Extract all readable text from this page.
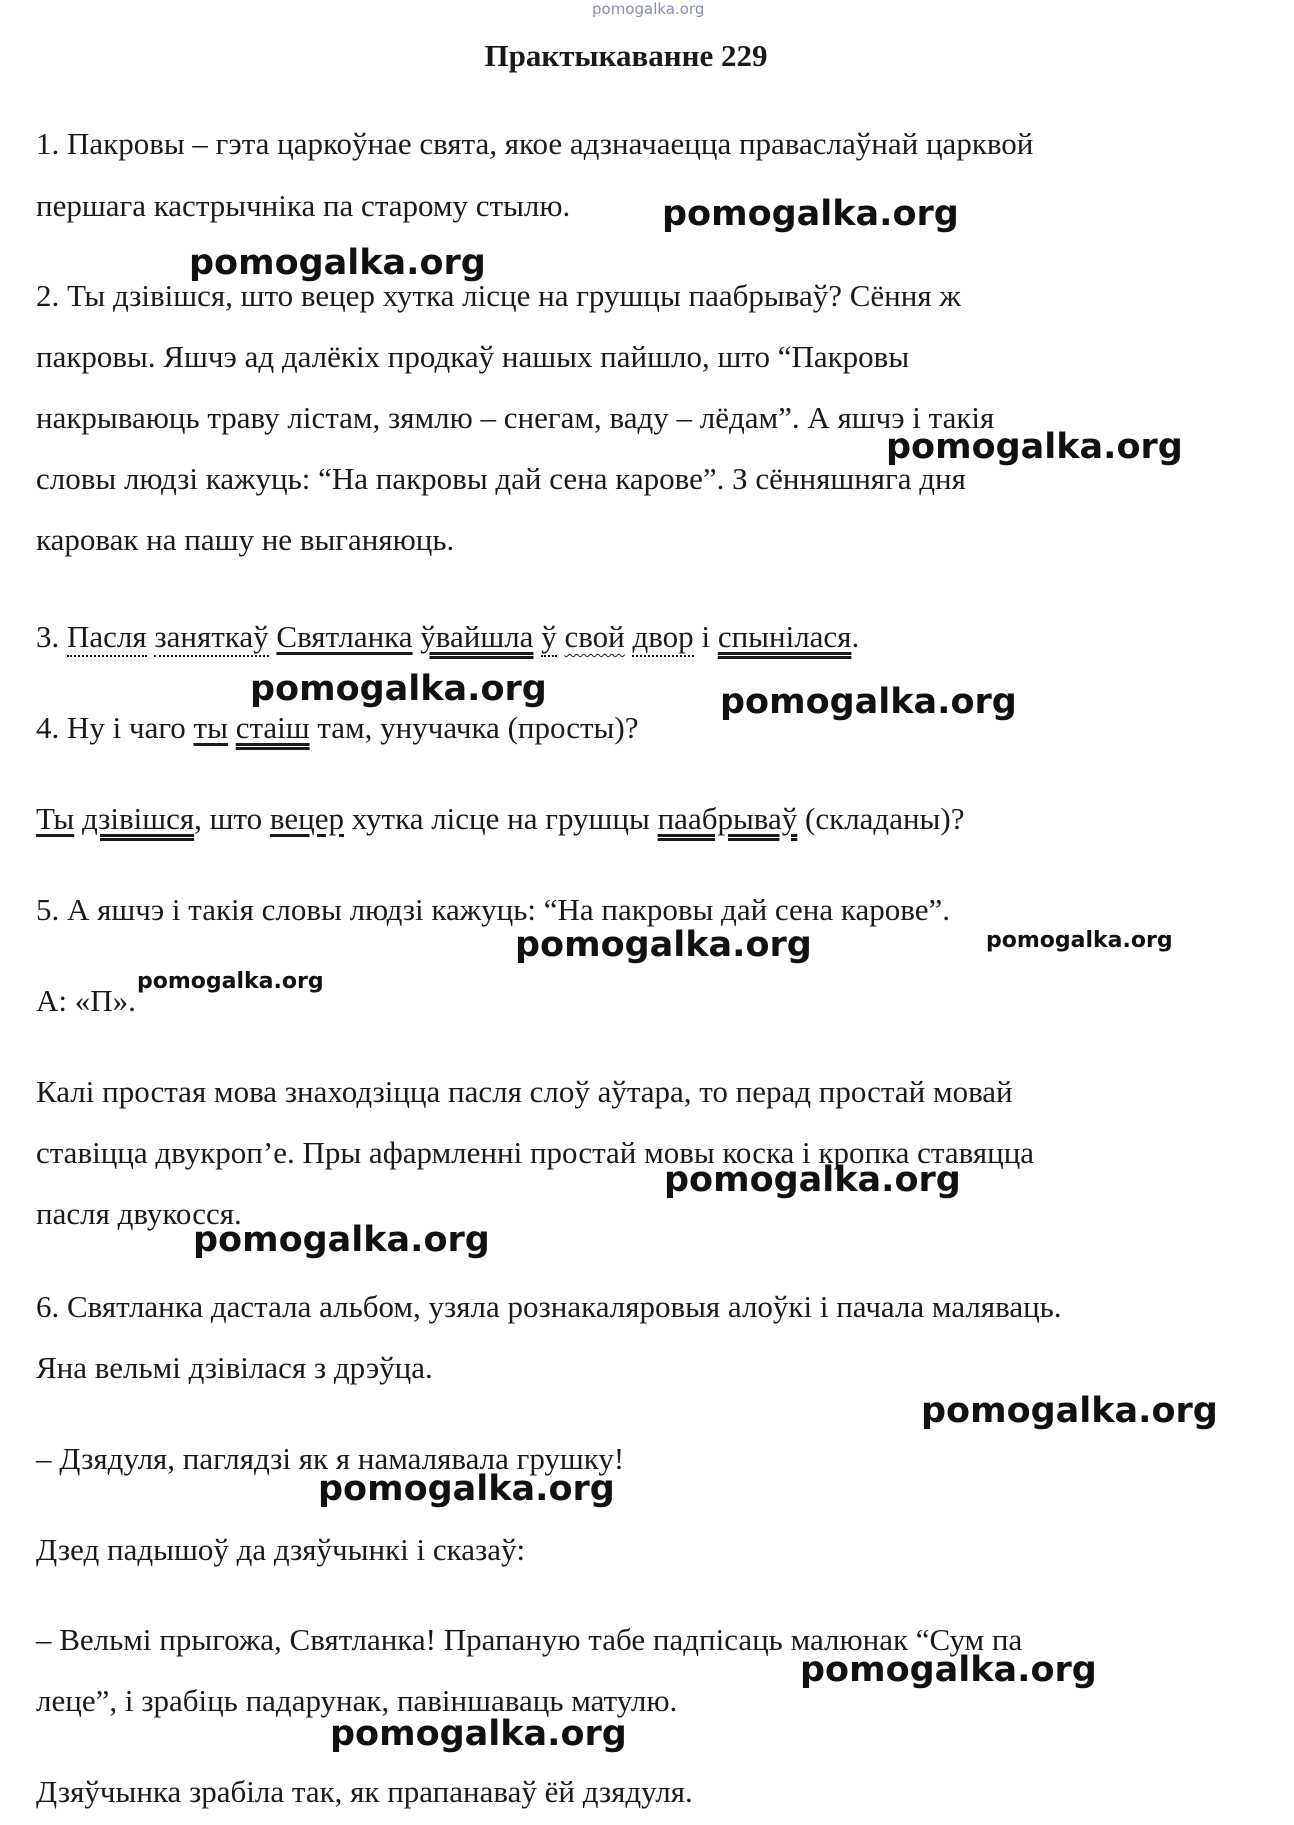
pomogalka.org
Практыкаванне 229
1. Пакровы – гэта царкоўнае свята, якое адзначаецца праваслаўнай царквой
першага кастрычніка па старому стылю.	pomogalka.org
pomogalka.org
2. Ты дзівішся, што вецер хутка лісце на грушцы паабрываў? Сёння ж
пакровы. Яшчэ ад далёкіх продкаў нашых пайшло, што “Пакровы
накрываюць траву лістам, зямлю – снегам, ваду – лёдам”. А яшчэ і такія
pomogalka.org
словы людзі кажуць: “На пакровы дай сена карове”. З сённяшняга дня
каровак на пашу не выганяюць.
3. Пасля заняткаў Святланка ўвайшла ў свой двор і спынілася.
pomogalka.org	pomogalka.org
4. Ну і чаго ты стаіш там, унучачка (просты)?
Ты дзівішся, што вецер хутка лісце на грушцы паабрываў (складаны)?
5. А яшчэ і такія словы людзі кажуць: “На пакровы дай сена карове”.
pomogalka.org	pomogalka.org
А: «П».
pomogalka.org
Калі простая мова знаходзіцца пасля слоў аўтара, то перад простай мовай
ставіцца двукроп’е. Пры афармленні простай мовы коска і кропка ставяцца
pomogalka.org
пасля двукосся.
pomogalka.org
6. Святланка дастала альбом, узяла рознакаляровыя алоўкі і пачала маляваць.
Яна вельмі дзівілася з дрэўца.
pomogalka.org
– Дзядуля, паглядзі як я намалявала грушку!
pomogalka.org
Дзед падышоў да дзяўчынкі і сказаў:
– Вельмі прыгожа, Святланка! Прапаную табе падпісаць малюнак “Сум па
pomogalka.org
леце”, і зрабіць падарунак, павіншаваць матулю.
pomogalka.org
Дзяўчынка зрабіла так, як прапанаваў ёй дзядуля.
